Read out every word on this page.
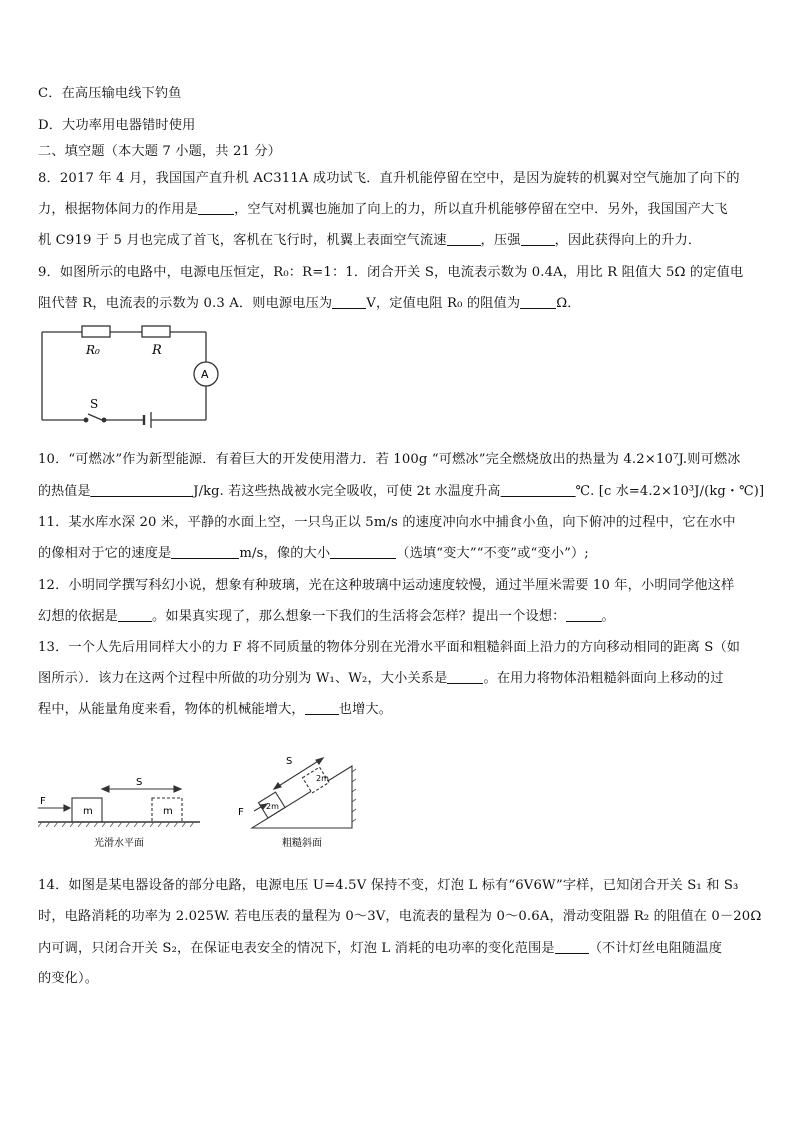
C．在高压输电线下钓鱼
D．大功率用电器错时使用
二、填空题（本大题 7 小题，共 21 分）
8．2017 年 4 月，我国国产直升机 AC311A 成功试飞．直升机能停留在空中，是因为旋转的机翼对空气施加了向下的
力，根据物体间力的作用是	，空气对机翼也施加了向上的力，所以直升机能够停留在空中．另外，我国国产大飞
机 C919 于 5 月也完成了首飞，客机在飞行时，机翼上表面空气流速	，压强	，因此获得向上的升力．
9．如图所示的电路中，电源电压恒定，R₀：R=1：1．闭合开关 S，电流表示数为 0.4A，用比 R 阻值大 5Ω 的定值电
阻代替 R，电流表的示数为 0.3 A．则电源电压为	V，定值电阻 R₀ 的阻值为	Ω．
R₀	R
A
S
10．“可燃冰”作为新型能源．有着巨大的开发使用潜力．若 100g “可燃冰”完全燃烧放出的热量为 4.2×10⁷J.则可燃冰
的热值是	J/kg. 若这些热战被水完全吸收，可使 2t 水温度升高	℃. [c 水=4.2×10³J/(kg・℃)]
11．某水库水深 20 米，平静的水面上空，一只鸟正以 5m/s 的速度冲向水中捕食小鱼，向下俯冲的过程中，它在水中
的像相对于它的速度是	m/s，像的大小	（选填“变大”“不变”或“变小”）;
12．小明同学撰写科幻小说，想象有种玻璃，光在这种玻璃中运动速度较慢，通过半厘米需要 10 年，小明同学他这样
幻想的依据是	。如果真实现了，那么想象一下我们的生活将会怎样？提出一个设想：	。
13．一个人先后用同样大小的力 F 将不同质量的物体分别在光滑水平面和粗糙斜面上沿力的方向移动相同的距离 S（如
图所示）．该力在这两个过程中所做的功分别为 W₁、W₂，大小关系是	。在用力将物体沿粗糙斜面向上移动的过
程中，从能量角度来看，物体的机械能增大，	也增大。
F
m	m
S
光滑水平面
F
2m
2m
S
粗糙斜面
14．如图是某电器设备的部分电路，电源电压 U=4.5V 保持不变，灯泡 L 标有“6V6W”字样，已知闭合开关 S₁ 和 S₃
时，电路消耗的功率为 2.025W. 若电压表的量程为 0～3V，电流表的量程为 0～0.6A，滑动变阻器 R₂ 的阻值在 0－20Ω
内可调，只闭合开关 S₂，在保证电表安全的情况下，灯泡 L 消耗的电功率的变化范围是	（不计灯丝电阻随温度
的变化）。
